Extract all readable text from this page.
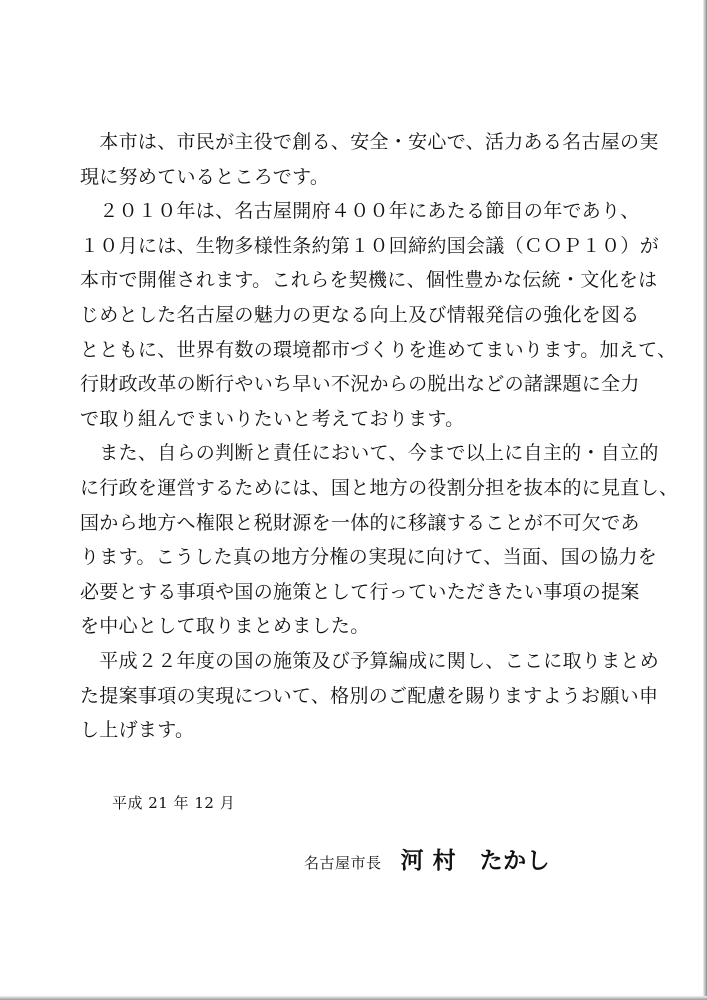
　本市は、市民が主役で創る、安全・安心で、活力ある名古屋の実
現に努めているところです。
　２０１０年は、名古屋開府４００年にあたる節目の年であり、
１０月には、生物多様性条約第１０回締約国会議（ＣＯＰ１０）が
本市で開催されます。これらを契機に、個性豊かな伝統・文化をは
じめとした名古屋の魅力の更なる向上及び情報発信の強化を図る
とともに、世界有数の環境都市づくりを進めてまいります。加えて、
行財政改革の断行やいち早い不況からの脱出などの諸課題に全力
で取り組んでまいりたいと考えております。
　また、自らの判断と責任において、今まで以上に自主的・自立的
に行政を運営するためには、国と地方の役割分担を抜本的に見直し、
国から地方へ権限と税財源を一体的に移譲することが不可欠であ
ります。こうした真の地方分権の実現に向けて、当面、国の協力を
必要とする事項や国の施策として行っていただきたい事項の提案
を中心として取りまとめました。
　平成２２年度の国の施策及び予算編成に関し、ここに取りまとめ
た提案事項の実現について、格別のご配慮を賜りますようお願い申
し上げます。
平成 21 年 12 月
名古屋市長 河 村　たかし
